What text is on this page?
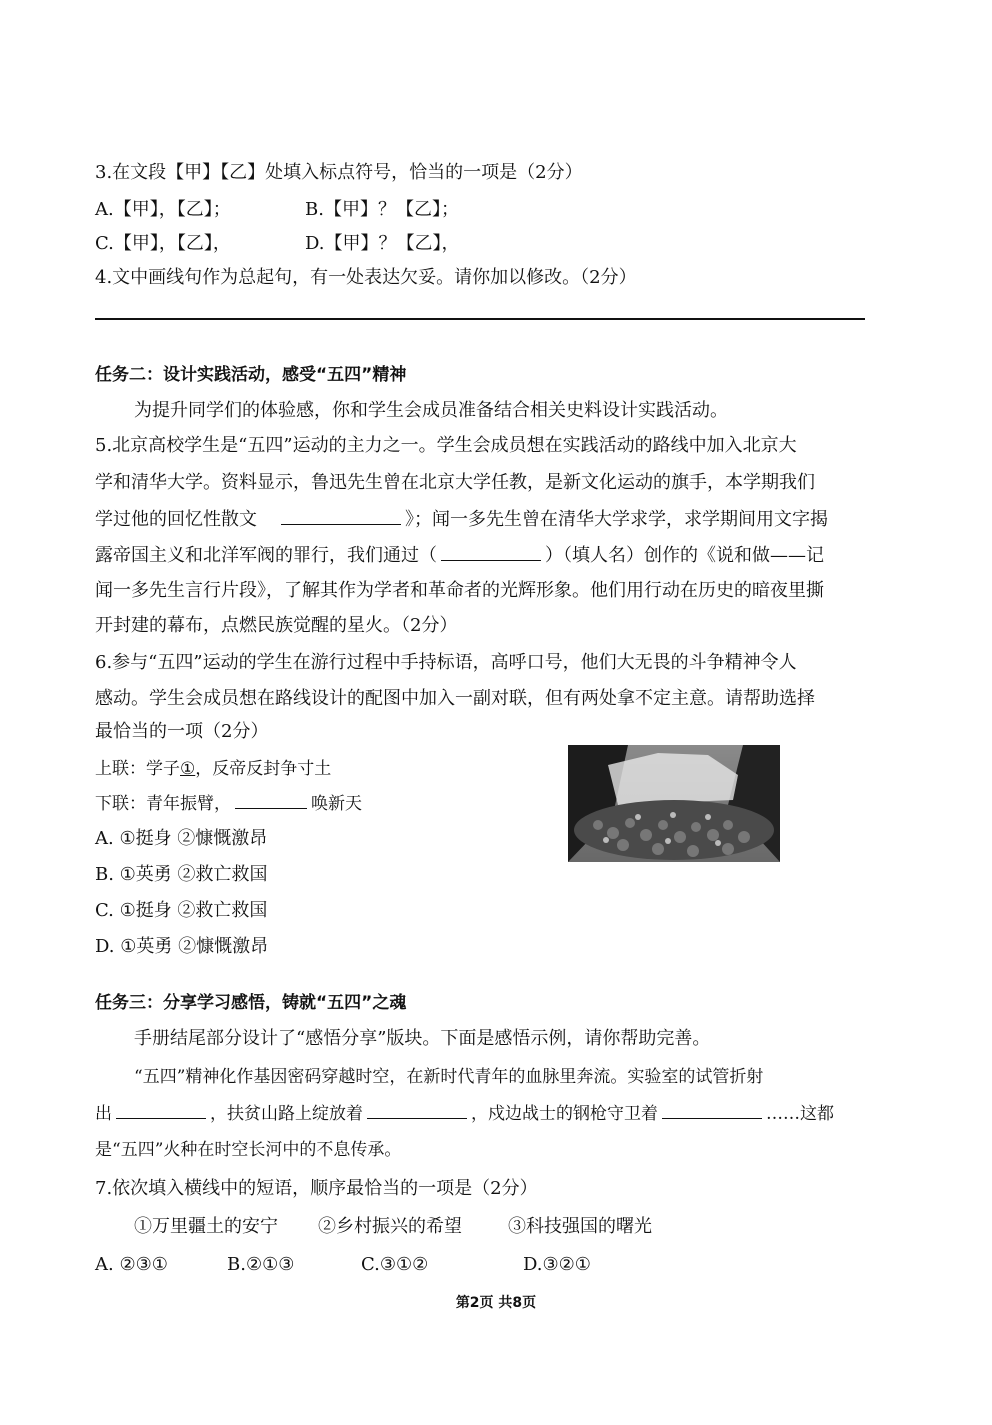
3.在文段【甲】【乙】处填入标点符号，恰当的一项是（2分）
A.【甲】，【乙】；	B.【甲】？【乙】；
C.【甲】，【乙】，	D.【甲】？【乙】，
4.文中画线句作为总起句，有一处表达欠妥。请你加以修改。（2分）
任务二：设计实践活动，感受“五四”精神
为提升同学们的体验感，你和学生会成员准备结合相关史料设计实践活动。
5.北京高校学生是“五四”运动的主力之一。学生会成员想在实践活动的路线中加入北京大
学和清华大学。资料显示，鲁迅先生曾在北京大学任教，是新文化运动的旗手，本学期我们
学过他的回忆性散文	》；闻一多先生曾在清华大学求学，求学期间用文字揭
露帝国主义和北洋军阀的罪行，我们通过（	）（填人名）创作的《说和做——记
闻一多先生言行片段》，了解其作为学者和革命者的光辉形象。他们用行动在历史的暗夜里撕
开封建的幕布，点燃民族觉醒的星火。（2分）
6.参与“五四”运动的学生在游行过程中手持标语，高呼口号，他们大无畏的斗争精神令人
感动。学生会成员想在路线设计的配图中加入一副对联，但有两处拿不定主意。请帮助选择
最恰当的一项（2分）
上联：学子①，反帝反封争寸土
下联：青年振臂，	唤新天
A. ①挺身 ②慷慨激昂
B. ①英勇 ②救亡救国
C. ①挺身 ②救亡救国
D. ①英勇 ②慷慨激昂
任务三：分享学习感悟，铸就“五四”之魂
手册结尾部分设计了“感悟分享”版块。下面是感悟示例，请你帮助完善。
“五四”精神化作基因密码穿越时空，在新时代青年的血脉里奔流。实验室的试管折射
出	，扶贫山路上绽放着	，戍边战士的钢枪守卫着	……这都
是“五四”火种在时空长河中的不息传承。
7.依次填入横线中的短语，顺序最恰当的一项是（2分）
①万里疆土的安宁 ②乡村振兴的希望	③科技强国的曙光
A. ②③①	B.②①③	C.③①②	D.③②①
第2页 共8页
